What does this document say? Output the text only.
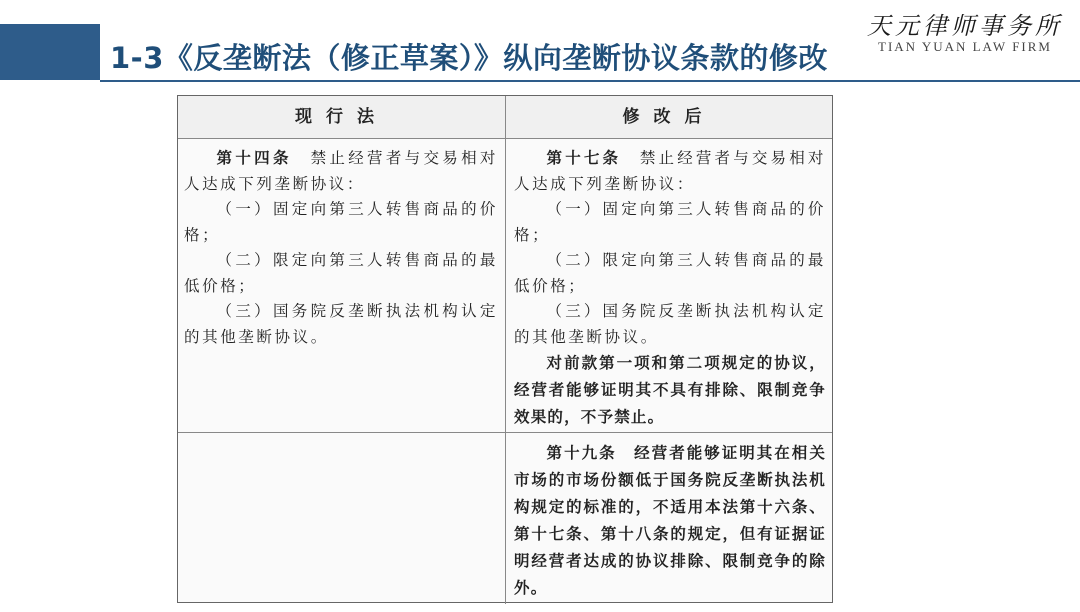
1-3《反垄断法（修正草案）》纵向垄断协议条款的修改
天元律师事务所
TIAN YUAN LAW FIRM
现行法	修改后

第十四条　 禁止经营者与交易相对人达成下列垄断协议：

（一）固定向第三人转售商品的价格；

（二）限定向第三人转售商品的最低价格；

（三）国务院反垄断执法机构认定的其他垄断协议。

第十七条　 禁止经营者与交易相对人达成下列垄断协议：

（一）固定向第三人转售商品的价格；

（二）限定向第三人转售商品的最低价格；

（三）国务院反垄断执法机构认定的其他垄断协议。

对前款第一项和第二项规定的协议，经营者能够证明其不具有排除、限制竞争效果的，不予禁止。

第十九条　 经营者能够证明其在相关市场的市场份额低于国务院反垄断执法机构规定的标准的，不适用本法第十六条、第十七条、第十八条的规定，但有证据证明经营者达成的协议排除、限制竞争的除外。
